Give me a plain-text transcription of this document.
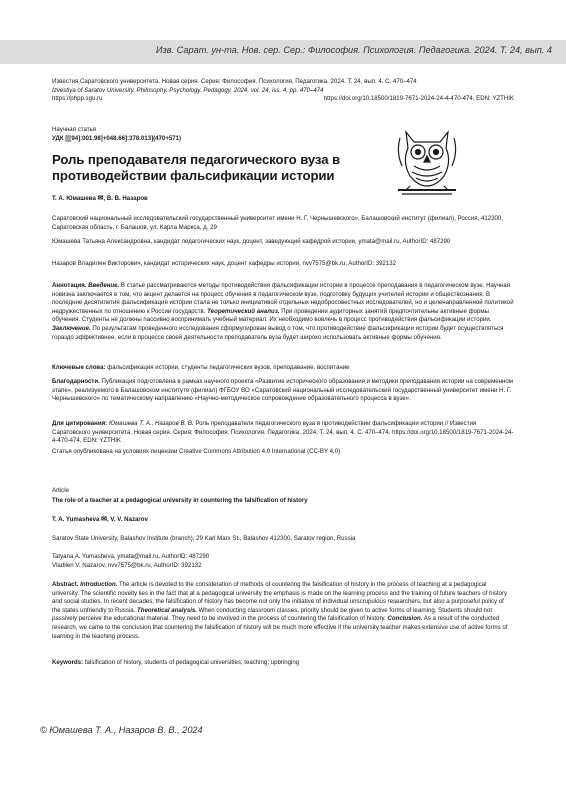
Изв. Сарат. ун-та. Нов. сер. Сер.: Философия. Психология. Педагогика. 2024. Т. 24, вып. 4
Известия Саратовского университета. Новая серия. Серия: Философия. Психология. Педагогика. 2024. Т. 24, вып. 4. С. 470–474
Izvestiya of Saratov University. Philosophy. Psychology. Pedagogy, 2024, vol. 24, iss. 4, pp. 470–474
https://phpp.sgu.ru	https://doi.org/10.18500/1819-7671-2024-24-4-470-474, EDN: YZTHIK
Научная статья
УДК [[[94]:001.98]+048.66]:378.013](470+571)
Роль преподавателя педагогического вуза в противодействии фальсификации истории
Т. А. Юмашева ✉, В. В. Назаров
Саратовский национальный исследовательский государственный университет имени Н. Г. Чернышевского», Балашовский институт (филиал), Россия, 412300, Саратовская область, г. Балашов, ул. Карла Маркса, д. 29
Юмашева Татьяна Александровна, кандидат педагогических наук, доцент, заведующий кафедрой истории, ymata@mail.ru, AuthorID: 487290
Назаров Владилен Викторович, кандидат исторических наук, доцент кафедры истории, nvv7575@bk.ru, AuthorID: 392132

Аннотация. Введение. В статье рассматриваются методы противодействия фальсификации истории в процессе преподавания в педагогическом вузе. Научная новизна заключается в том, что акцент делается на процесс обучения в педагогическом вузе, подготовку будущих учителей истории и обществознания. В последние десятилетия фальсификация истории стала не только инициативой отдельных недобросовестных исследователей, но и целенаправленной политикой недружественных по отношению к России государств. Теоретический анализ. При проведении аудиторных занятий предпочтительны активные формы обучения. Студенты не должны пассивно воспринимать учебный материал. Их необходимо вовлечь в процесс противодействия фальсификации истории. Заключение. По результатам проведенного исследования сформулирован вывод о том, что противодействие фальсификации истории будет осуществляться гораздо эффективнее, если в процессе своей деятельности преподаватель вуза будет широко использовать активные формы обучения.

Ключевые слова: фальсификация истории, студенты педагогических вузов, преподавание, воспитание

Благодарности. Публикация подготовлена в рамках научного проекта «Развитие исторического образования и методики преподавания истории на современном этапе», реализуемого в Балашовском институте (филиал) ФГБОУ ВО «Саратовский национальный исследовательский государственный университет имени Н. Г. Чернышевского» по тематическому направлению «Научно-методическое сопровождение образовательного процесса в вузе».

Для цитирования: Юмашева Т. А., Назаров В. В. Роль преподавателя педагогического вуза в противодействии фальсификации истории // Известия Саратовского университета. Новая серия. Серия: Философия. Психология. Педагогика. 2024. Т. 24, вып. 4. С. 470–474. https://doi.org/10.18500/1819-7671-2024-24-4-470-474, EDN: YZTHIK

Статья опубликована на условиях лицензии Creative Commons Attribution 4.0 International (CC-BY 4.0)
Article
The role of a teacher at a pedagogical university in countering the falsification of history
T. A. Yumasheva ✉, V. V. Nazarov
Saratov State University, Balashov Institute (branch), 29 Karl Marx St., Balashov 412300, Saratov region, Russia
Tatyana A. Yumasheva, ymata@mail.ru, AuthorID: 487290
Vladilen V. Nazarov, nvv7575@bk.ru, AuthorID: 392132

Abstract. Introduction. The article is devoted to the consideration of methods of countering the falsification of history in the process of teaching at a pedagogical university. The scientific novelty lies in the fact that at a pedagogical university the emphasis is made on the learning process and the training of future teachers of history and social studies. In recent decades, the falsification of history has become not only the initiative of individual unscrupulous researchers, but also a purposeful policy of the states unfriendly to Russia. Theoretical analysis. When conducting classroom classes, priority should be given to active forms of learning. Students should not passively perceive the educational material. They need to be involved in the process of countering the falsification of history. Conclusion. As a result of the conducted research, we came to the conclusion that countering the falsification of history will be much more effective if the university teacher makes extensive use of active forms of learning in the teaching process.

Keywords: falsification of history, students of pedagogical universities, teaching; upbringing

© Юмашева Т. А., Назаров В. В., 2024
